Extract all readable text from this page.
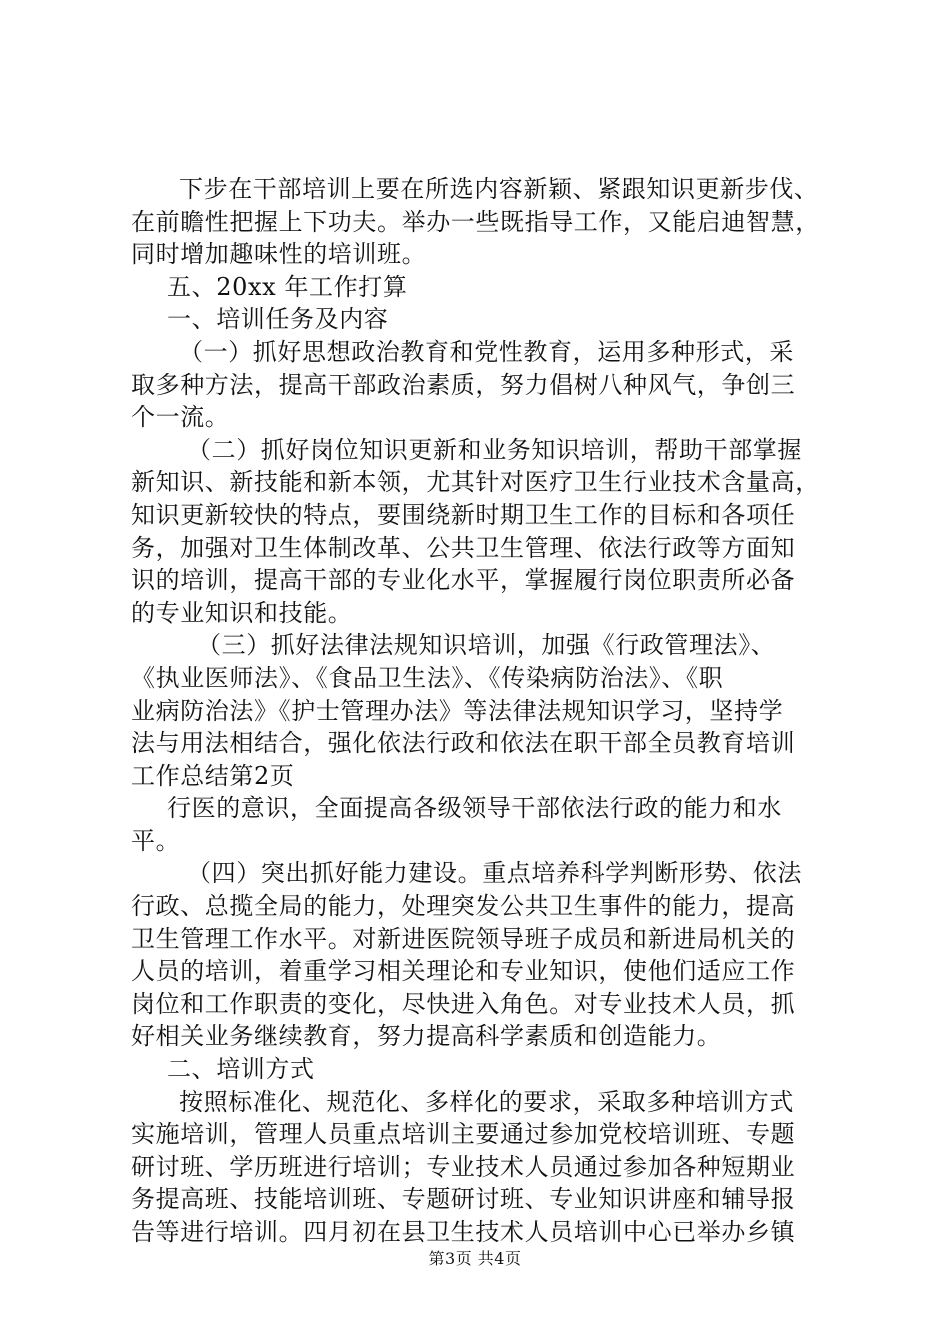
下步在干部培训上要在所选内容新颖、紧跟知识更新步伐、

在前瞻性把握上下功夫。举办一些既指导工作，又能启迪智慧，

同时增加趣味性的培训班。

五、20xx 年工作打算

一、培训任务及内容

（一）抓好思想政治教育和党性教育，运用多种形式，采

取多种方法，提高干部政治素质，努力倡树八种风气，争创三

个一流。

（二）抓好岗位知识更新和业务知识培训，帮助干部掌握

新知识、新技能和新本领，尤其针对医疗卫生行业技术含量高，

知识更新较快的特点，要围绕新时期卫生工作的目标和各项任

务，加强对卫生体制改革、公共卫生管理、依法行政等方面知

识的培训，提高干部的专业化水平，掌握履行岗位职责所必备

的专业知识和技能。

（三）抓好法律法规知识培训，加强《行政管理法》、

《执业医师法》、《食品卫生法》、《传染病防治法》、《职

业病防治法》《护士管理办法》等法律法规知识学习，坚持学

法与用法相结合，强化依法行政和依法在职干部全员教育培训

工作总结第2页

行医的意识，全面提高各级领导干部依法行政的能力和水

平。

（四）突出抓好能力建设。重点培养科学判断形势、依法

行政、总揽全局的能力，处理突发公共卫生事件的能力，提高

卫生管理工作水平。对新进医院领导班子成员和新进局机关的

人员的培训，着重学习相关理论和专业知识，使他们适应工作

岗位和工作职责的变化，尽快进入角色。对专业技术人员，抓

好相关业务继续教育，努力提高科学素质和创造能力。

二、培训方式

按照标准化、规范化、多样化的要求，采取多种培训方式

实施培训，管理人员重点培训主要通过参加党校培训班、专题

研讨班、学历班进行培训；专业技术人员通过参加各种短期业

务提高班、技能培训班、专题研讨班、专业知识讲座和辅导报

告等进行培训。四月初在县卫生技术人员培训中心已举办乡镇

第3页 共4页
